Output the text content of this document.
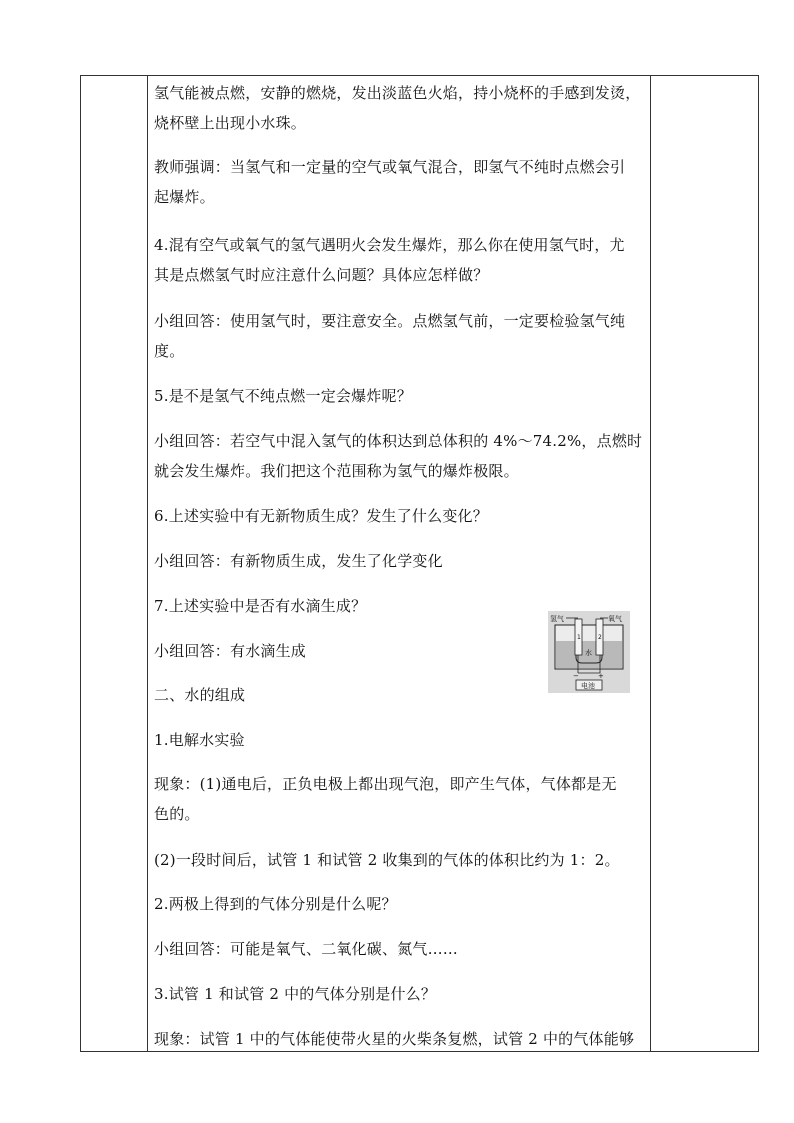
氢气能被点燃，安静的燃烧，发出淡蓝色火焰，持小烧杯的手感到发烫，
烧杯壁上出现小水珠。
教师强调：当氢气和一定量的空气或氧气混合，即氢气不纯时点燃会引
起爆炸。
4.混有空气或氧气的氢气遇明火会发生爆炸，那么你在使用氢气时，尤
其是点燃氢气时应注意什么问题？具体应怎样做？
小组回答：使用氢气时，要注意安全。点燃氢气前，一定要检验氢气纯
度。
5.是不是氢气不纯点燃一定会爆炸呢？
小组回答：若空气中混入氢气的体积达到总体积的 4%～74.2%，点燃时
就会发生爆炸。我们把这个范围称为氢气的爆炸极限。
6.上述实验中有无新物质生成？发生了什么变化？
小组回答：有新物质生成，发生了化学变化
7.上述实验中是否有水滴生成？
小组回答：有水滴生成
二、水的组成
1.电解水实验
现象：(1)通电后，正负电极上都出现气泡，即产生气体，气体都是无
色的。
(2)一段时间后，试管 1 和试管 2 收集到的气体的体积比约为 1：2。
2.两极上得到的气体分别是什么呢？
小组回答：可能是氧气、二氧化碳、氮气……
3.试管 1 和试管 2 中的气体分别是什么？
现象：试管 1 中的气体能使带火星的火柴条复燃，试管 2 中的气体能够
氢气	氧气
1	2
水
−	+
电池
